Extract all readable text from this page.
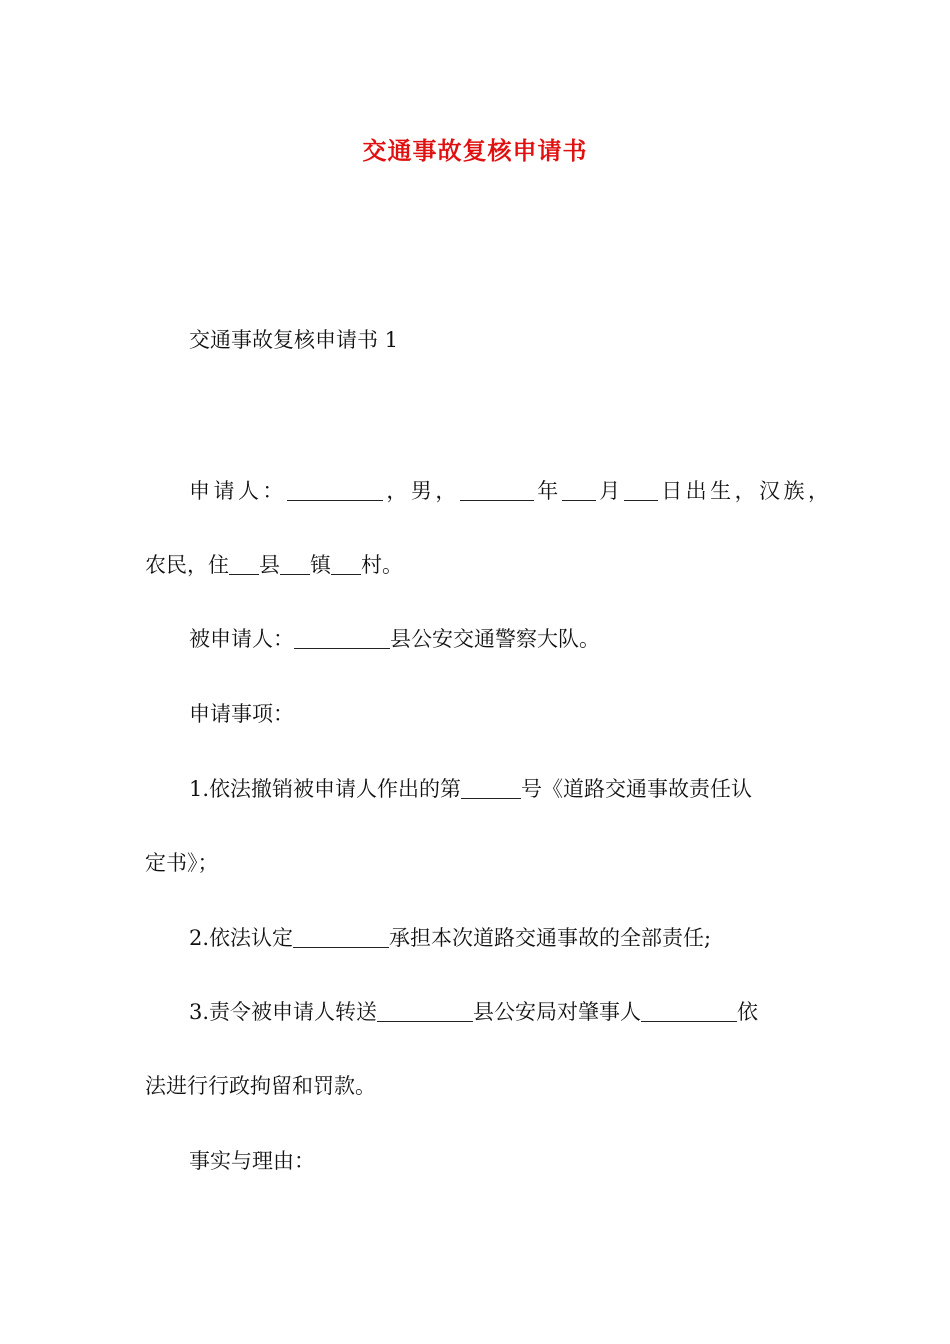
交通事故复核申请书
交通事故复核申请书 1
申请人：	，男，	年 月 日出生，汉族，
农民，住 县 镇 村。
被申请人：	县公安交通警察大队。
申请事项：
1.依法撤销被申请人作出的第	号《道路交通事故责任认
定书》；
2.依法认定	承担本次道路交通事故的全部责任;
3.责令被申请人转送	县公安局对肇事人	依
法进行行政拘留和罚款。
事实与理由：
